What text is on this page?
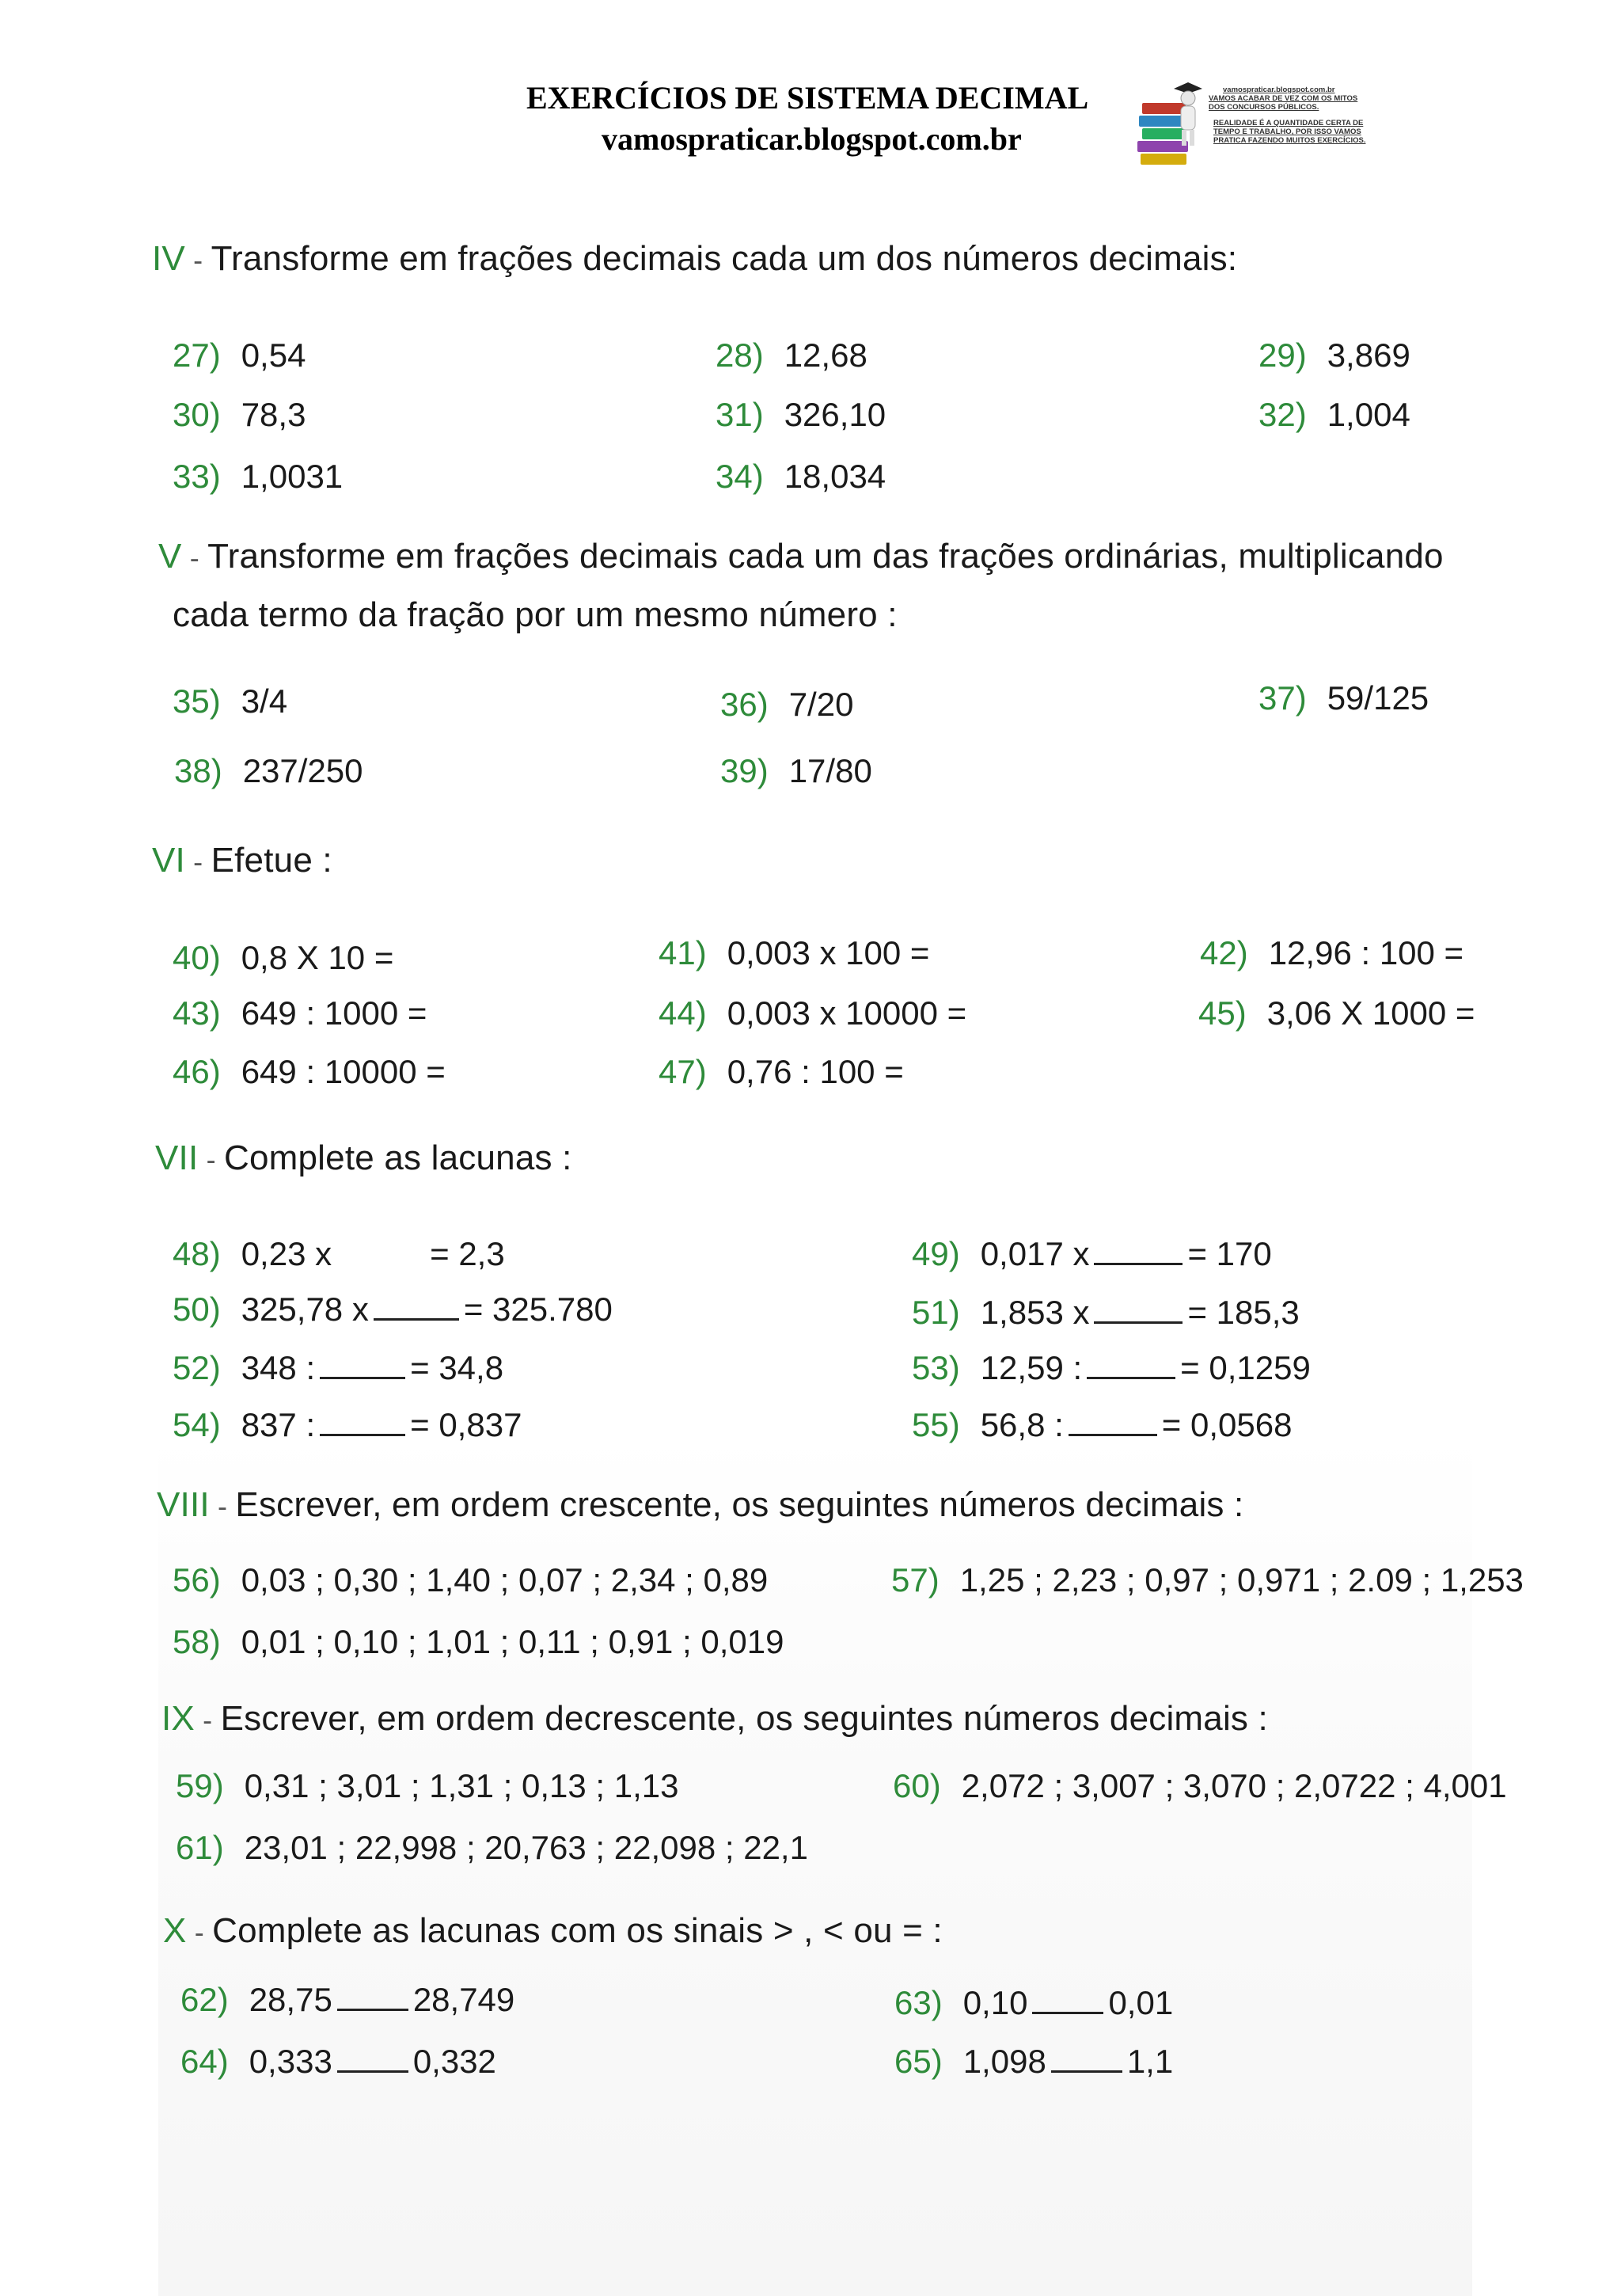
EXERCÍCIOS DE SISTEMA DECIMAL
vamospraticar.blogspot.com.br
vamospraticar.blogspot.com.br
VAMOS ACABAR DE VEZ COM OS MITOS
DOS CONCURSOS PÚBLICOS.
REALIDADE É A QUANTIDADE CERTA DE
TEMPO E TRABALHO, POR ISSO VAMOS
PRATICA FAZENDO MUITOS EXERCÍCIOS.
IV - Transforme em frações decimais cada um dos números decimais:
27) 0,54	28) 12,68	29) 3,869
30) 78,3	31) 326,10	32) 1,004
33) 1,0031	34) 18,034
V - Transforme em frações decimais cada um das frações ordinárias, multiplicando
cada termo da fração por um mesmo número :
35) 3/4	36) 7/20	37) 59/125
38) 237/250	39) 17/80
VI - Efetue :
40) 0,8 X 10 =	41) 0,003 x 100 =	42) 12,96 : 100 =
43) 649 : 1000 =	44) 0,003 x 10000 =	45) 3,06 X 1000 =
46) 649 : 10000 =	47) 0,76 : 100 =
VII - Complete as lacunas :
48) 0,23 x	= 2,3	49) 0,017 x	= 170
50) 325,78 x	= 325.780	51) 1,853 x	= 185,3
52) 348 :	= 34,8	53) 12,59 :	= 0,1259
54) 837 :	= 0,837	55) 56,8 :	= 0,0568
VIII - Escrever, em ordem crescente, os seguintes números decimais :
56) 0,03 ; 0,30 ; 1,40 ; 0,07 ; 2,34 ; 0,89	57) 1,25 ; 2,23 ; 0,97 ; 0,971 ; 2.09 ; 1,253
58) 0,01 ; 0,10 ; 1,01 ; 0,11 ; 0,91 ; 0,019
IX - Escrever, em ordem decrescente, os seguintes números decimais :
59) 0,31 ; 3,01 ; 1,31 ; 0,13 ; 1,13	60) 2,072 ; 3,007 ; 3,070 ; 2,0722 ; 4,001
61) 23,01 ; 22,998 ; 20,763 ; 22,098 ; 22,1
X - Complete as lacunas com os sinais > , < ou = :
62) 28,75 28,749	63) 0,10 0,01
64) 0,333 0,332	65) 1,098 1,1
